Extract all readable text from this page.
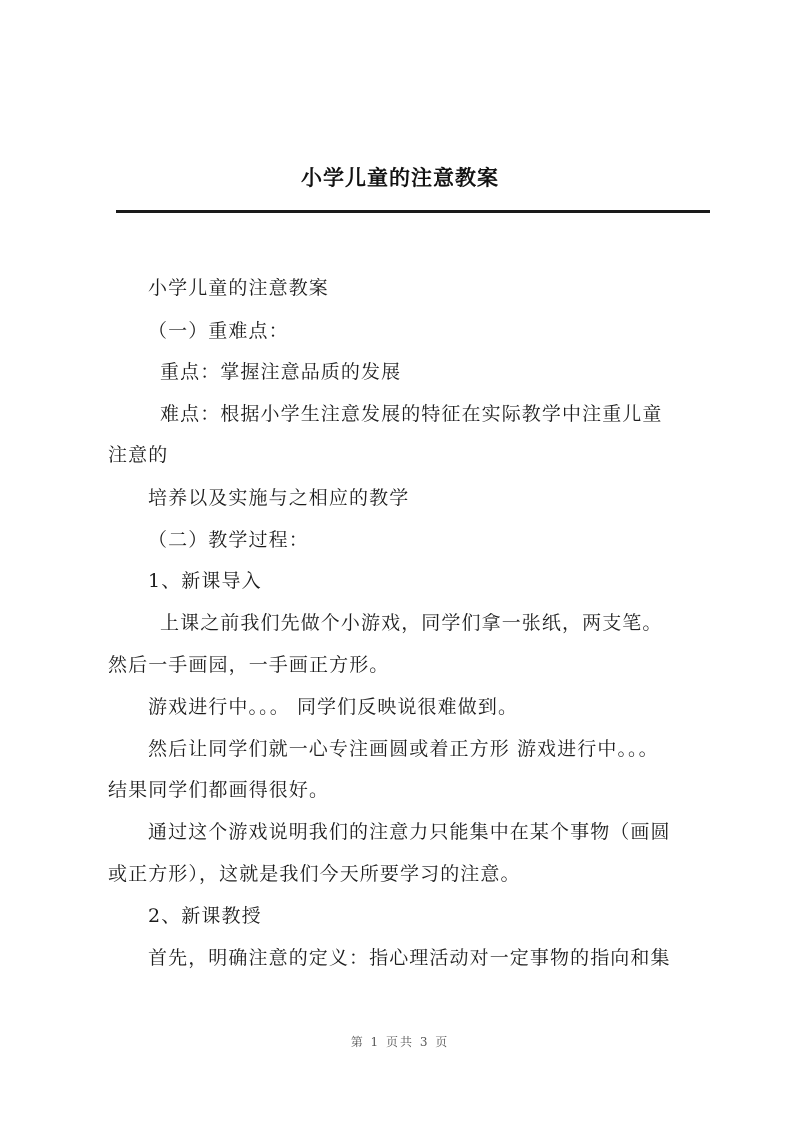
小学儿童的注意教案
小学儿童的注意教案
（一）重难点：
重点：掌握注意品质的发展
难点：根据小学生注意发展的特征在实际教学中注重儿童
注意的
培养以及实施与之相应的教学
（二）教学过程：
1、新课导入
上课之前我们先做个小游戏，同学们拿一张纸，两支笔。
然后一手画园，一手画正方形。
游戏进行中。。。 同学们反映说很难做到。
然后让同学们就一心专注画圆或着正方形 游戏进行中。。。
结果同学们都画得很好。
通过这个游戏说明我们的注意力只能集中在某个事物（画圆
或正方形），这就是我们今天所要学习的注意。
2、新课教授
首先，明确注意的定义：指心理活动对一定事物的指向和集
第 1 页共 3 页
